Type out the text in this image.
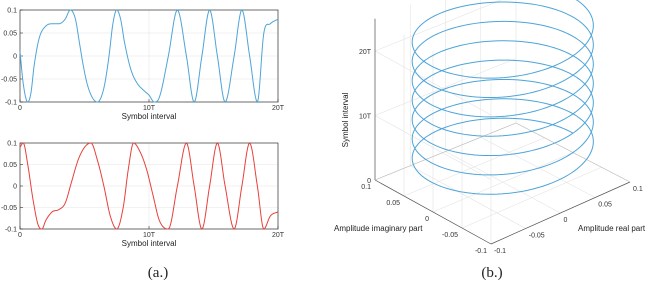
0	10T	20T
0.1
0.05
0
-0.05
-0.1
Symbol interval
0	10T	20T
0.1
0.05
0
-0.05
-0.1
Symbol interval
0
10T
20T
-0.1
-0.05
0
0.05
0.1
-0.1
-0.05
0
0.05
0.1
Amplitude real part
Amplitude imaginary part
Symbol interval
(a.)	(b.)
